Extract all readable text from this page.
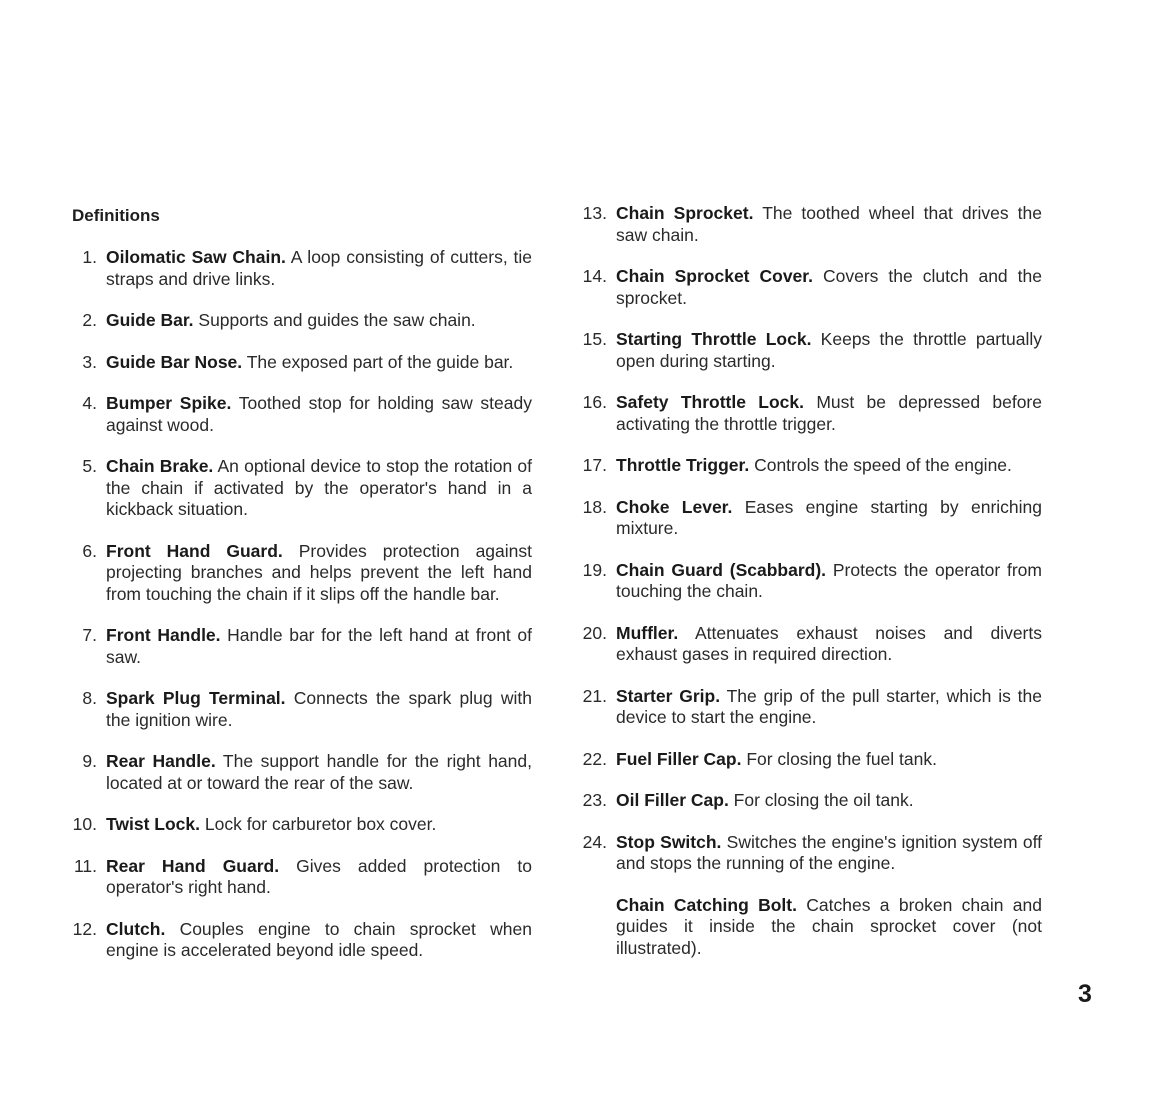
Definitions
1. Oilomatic Saw Chain. A loop consisting of cutters, tie straps and drive links.
2. Guide Bar. Supports and guides the saw chain.
3. Guide Bar Nose. The exposed part of the guide bar.
4. Bumper Spike. Toothed stop for holding saw steady against wood.
5. Chain Brake. An optional device to stop the rotation of the chain if activated by the operator's hand in a kickback situation.
6. Front Hand Guard. Provides protection against projecting branches and helps prevent the left hand from touching the chain if it slips off the handle bar.
7. Front Handle. Handle bar for the left hand at front of saw.
8. Spark Plug Terminal. Connects the spark plug with the ignition wire.
9. Rear Handle. The support handle for the right hand, located at or toward the rear of the saw.
10. Twist Lock. Lock for carburetor box cover.
11. Rear Hand Guard. Gives added protection to operator's right hand.
12. Clutch. Couples engine to chain sprocket when engine is accelerated beyond idle speed.
13. Chain Sprocket. The toothed wheel that drives the saw chain.
14. Chain Sprocket Cover. Covers the clutch and the sprocket.
15. Starting Throttle Lock. Keeps the throttle partually open during starting.
16. Safety Throttle Lock. Must be depressed before activating the throttle trigger.
17. Throttle Trigger. Controls the speed of the engine.
18. Choke Lever. Eases engine starting by enriching mixture.
19. Chain Guard (Scabbard). Protects the operator from touching the chain.
20. Muffler. Attenuates exhaust noises and diverts exhaust gases in required direction.
21. Starter Grip. The grip of the pull starter, which is the device to start the engine.
22. Fuel Filler Cap. For closing the fuel tank.
23. Oil Filler Cap. For closing the oil tank.
24. Stop Switch. Switches the engine's ignition system off and stops the running of the engine.
Chain Catching Bolt. Catches a broken chain and guides it inside the chain sprocket cover (not illustrated).
3
